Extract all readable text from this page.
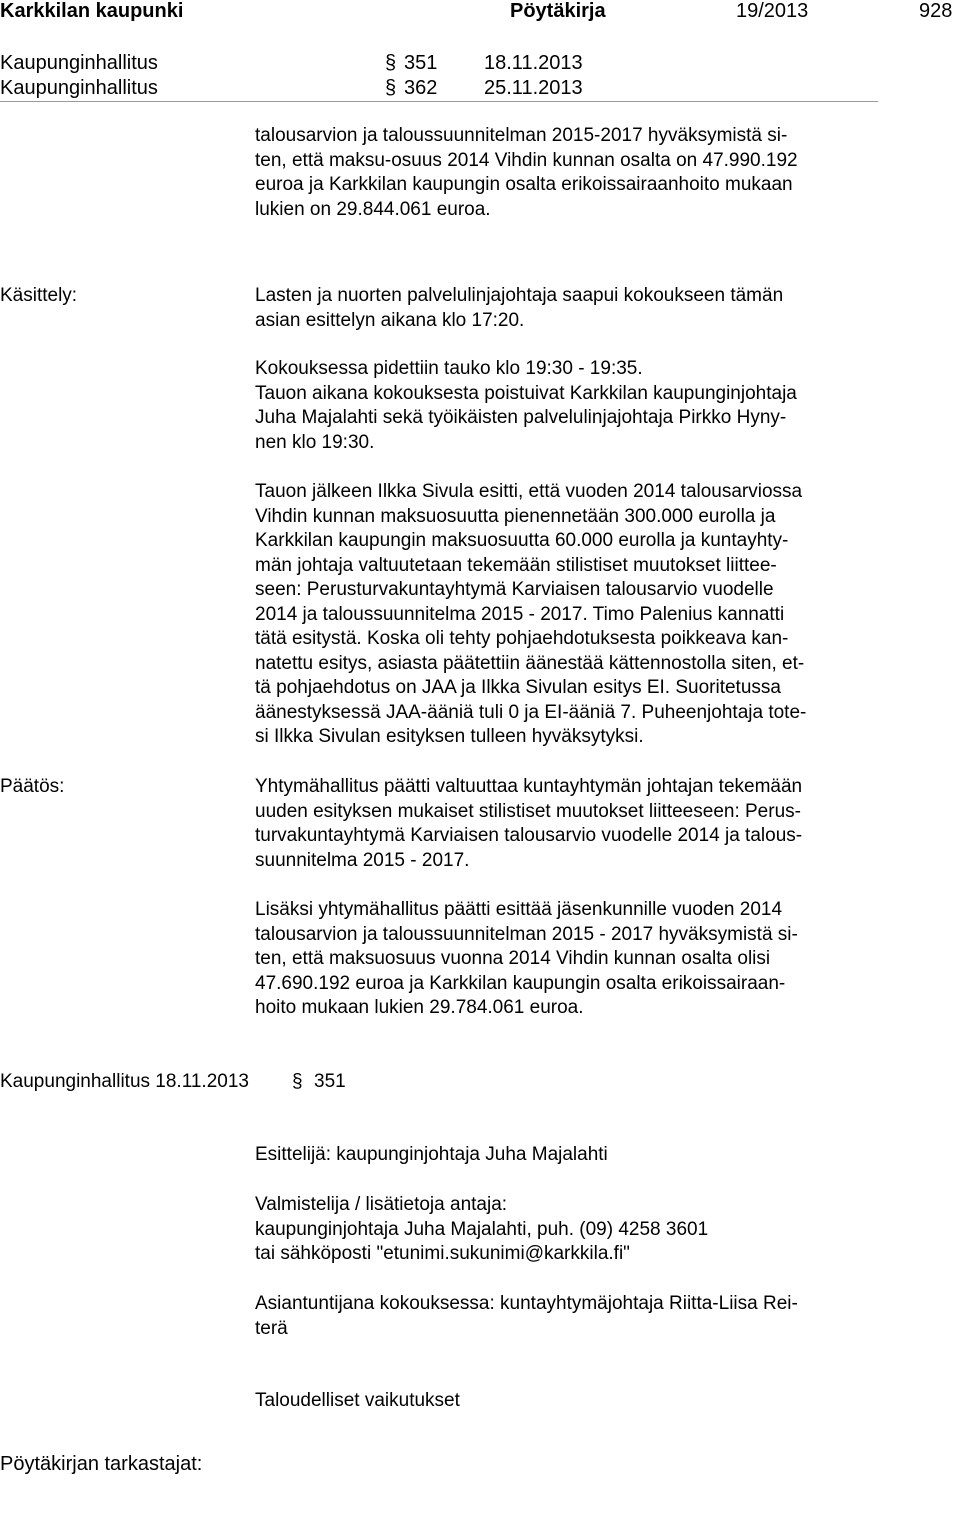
Karkkilan kaupunki	Pöytäkirja	19/2013	928
Kaupunginhallitus	§ 351 18.11.2013
Kaupunginhallitus	§ 362 25.11.2013
talousarvion ja taloussuunnitelman 2015-2017 hyväksymistä si-
ten, että maksu-osuus 2014 Vihdin kunnan osalta on 47.990.192
euroa ja Karkkilan kaupungin osalta erikoissairaanhoito mukaan
lukien on 29.844.061 euroa.
Käsittely:	Lasten ja nuorten palvelulinjajohtaja saapui kokoukseen tämän
asian esittelyn aikana klo 17:20.
Kokouksessa pidettiin tauko klo 19:30 - 19:35.
Tauon aikana kokouksesta poistuivat Karkkilan kaupunginjohtaja
Juha Majalahti sekä työikäisten palvelulinjajohtaja Pirkko Hyny-
nen klo 19:30.
Tauon jälkeen Ilkka Sivula esitti, että vuoden 2014 talousarviossa
Vihdin kunnan maksuosuutta pienennetään 300.000 eurolla ja
Karkkilan kaupungin maksuosuutta 60.000 eurolla ja kuntayhty-
män johtaja valtuutetaan tekemään stilistiset muutokset liittee-
seen: Perusturvakuntayhtymä Karviaisen talousarvio vuodelle
2014 ja taloussuunnitelma 2015 - 2017. Timo Palenius kannatti
tätä esitystä. Koska oli tehty pohjaehdotuksesta poikkeava kan-
natettu esitys, asiasta päätettiin äänestää kättennostolla siten, et-
tä pohjaehdotus on JAA ja Ilkka Sivulan esitys EI. Suoritetussa
äänestyksessä JAA-ääniä tuli 0 ja EI-ääniä 7. Puheenjohtaja tote-
si Ilkka Sivulan esityksen tulleen hyväksytyksi.
Päätös:	Yhtymähallitus päätti valtuuttaa kuntayhtymän johtajan tekemään
uuden esityksen mukaiset stilistiset muutokset liitteeseen: Perus-
turvakuntayhtymä Karviaisen talousarvio vuodelle 2014 ja talous-
suunnitelma 2015 - 2017.
Lisäksi yhtymähallitus päätti esittää jäsenkunnille vuoden 2014
talousarvion ja taloussuunnitelman 2015 - 2017 hyväksymistä si-
ten, että maksuosuus vuonna 2014 Vihdin kunnan osalta olisi
47.690.192 euroa ja Karkkilan kaupungin osalta erikoissairaan-
hoito mukaan lukien 29.784.061 euroa.
Kaupunginhallitus 18.11.2013 § 351
Esittelijä: kaupunginjohtaja Juha Majalahti
Valmistelija / lisätietoja antaja:
kaupunginjohtaja Juha Majalahti, puh. (09) 4258 3601
tai sähköposti "etunimi.sukunimi@karkkila.fi"
Asiantuntijana kokouksessa: kuntayhtymäjohtaja Riitta-Liisa Rei-
terä
Taloudelliset vaikutukset
Pöytäkirjan tarkastajat:
